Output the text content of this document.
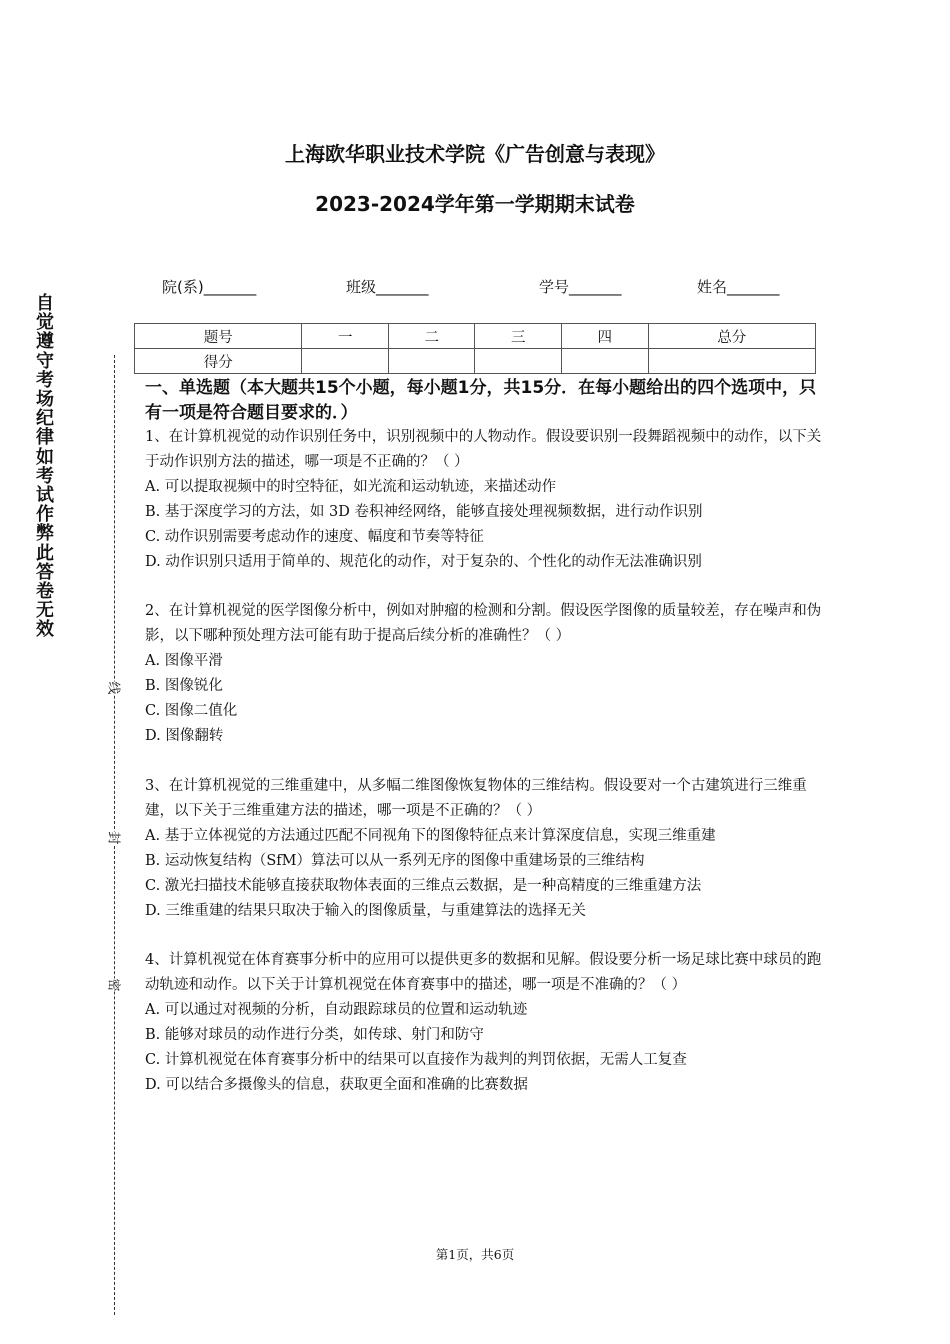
上海欧华职业技术学院《广告创意与表现》
2023-2024学年第一学期期末试卷
院(系)_______	班级_______	学号_______	姓名_______
题号	一	二	三	四	总分
得分					
自觉遵守考场纪律如考试作弊此答卷无效
线
封
密
一、单选题（本大题共15个小题，每小题1分，共15分．在每小题给出的四个选项中，只有一项是符合题目要求的．）
1、在计算机视觉的动作识别任务中，识别视频中的人物动作。假设要识别一段舞蹈视频中的动作，以下关于动作识别方法的描述，哪一项是不正确的？（ ）
A. 可以提取视频中的时空特征，如光流和运动轨迹，来描述动作
B. 基于深度学习的方法，如 3D 卷积神经网络，能够直接处理视频数据，进行动作识别
C. 动作识别需要考虑动作的速度、幅度和节奏等特征
D. 动作识别只适用于简单的、规范化的动作，对于复杂的、个性化的动作无法准确识别
2、在计算机视觉的医学图像分析中，例如对肿瘤的检测和分割。假设医学图像的质量较差，存在噪声和伪影，以下哪种预处理方法可能有助于提高后续分析的准确性？（ ）
A. 图像平滑
B. 图像锐化
C. 图像二值化
D. 图像翻转
3、在计算机视觉的三维重建中，从多幅二维图像恢复物体的三维结构。假设要对一个古建筑进行三维重建，以下关于三维重建方法的描述，哪一项是不正确的？（ ）
A. 基于立体视觉的方法通过匹配不同视角下的图像特征点来计算深度信息，实现三维重建
B. 运动恢复结构（SfM）算法可以从一系列无序的图像中重建场景的三维结构
C. 激光扫描技术能够直接获取物体表面的三维点云数据，是一种高精度的三维重建方法
D. 三维重建的结果只取决于输入的图像质量，与重建算法的选择无关
4、计算机视觉在体育赛事分析中的应用可以提供更多的数据和见解。假设要分析一场足球比赛中球员的跑动轨迹和动作。以下关于计算机视觉在体育赛事中的描述，哪一项是不准确的？（ ）
A. 可以通过对视频的分析，自动跟踪球员的位置和运动轨迹
B. 能够对球员的动作进行分类，如传球、射门和防守
C. 计算机视觉在体育赛事分析中的结果可以直接作为裁判的判罚依据，无需人工复查
D. 可以结合多摄像头的信息，获取更全面和准确的比赛数据
第1页，共6页
